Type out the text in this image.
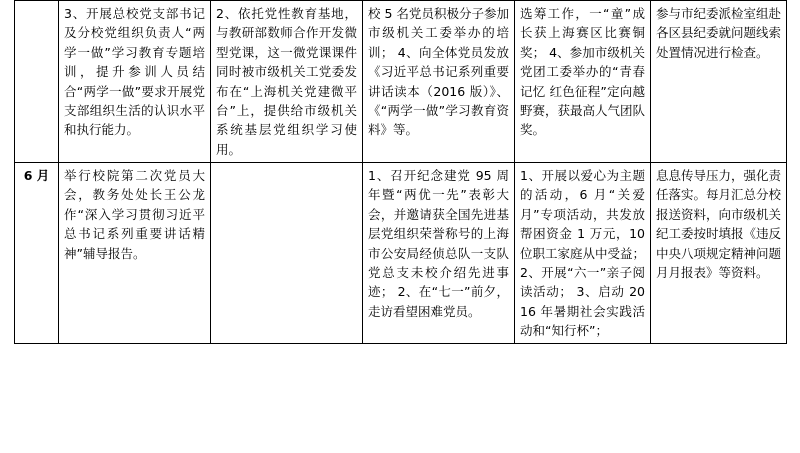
	3、开展总校党支部书记及分校党组织负责人“两学一做”学习教育专题培训，提升参训人员结合“两学一做”要求开展党支部组织生活的认识水平和执行能力。	2、依托党性教育基地，与教研部数师合作开发微型党课，这一微党课课件同时被市级机关工党委发布在“上海机关党建微平台”上，提供给市级机关系统基层党组织学习使用。	校 5 名党员积极分子参加市级机关工委举办的培训； 4、向全体党员发放《习近平总书记系列重要讲话读本（2016 版）》、《“两学一做”学习教育资料》等。	选筹工作，一“童”成长获上海赛区比赛铜奖； 4、参加市级机关党团工委举办的“青春记忆 红色征程”定向越野赛，获最高人气团队奖。	参与市纪委派检室组赴各区县纪委就问题线索处置情况进行检查。

6 月	举行校院第二次党员大会，教务处处长王公龙作“深入学习贯彻习近平总书记系列重要讲话精神”辅导报告。		1、召开纪念建党 95 周年暨“两优一先”表彰大会，并邀请获全国先进基层党组织荣誉称号的上海市公安局经侦总队一支队党总支未校介绍先进事迹； 2、在“七一”前夕，走访看望困难党员。	1、开展以爱心为主题的活动，6 月“关爱月”专项活动，共发放帮困资金 1 万元，10 位职工家庭从中受益； 2、开展“六一”亲子阅读活动； 3、启动 2016 年暑期社会实践活动和“知行杯”；	息息传导压力，强化责任落实。每月汇总分校报送资料，向市级机关纪工委按时填报《违反中央八项规定精神问题月月报表》等资料。
